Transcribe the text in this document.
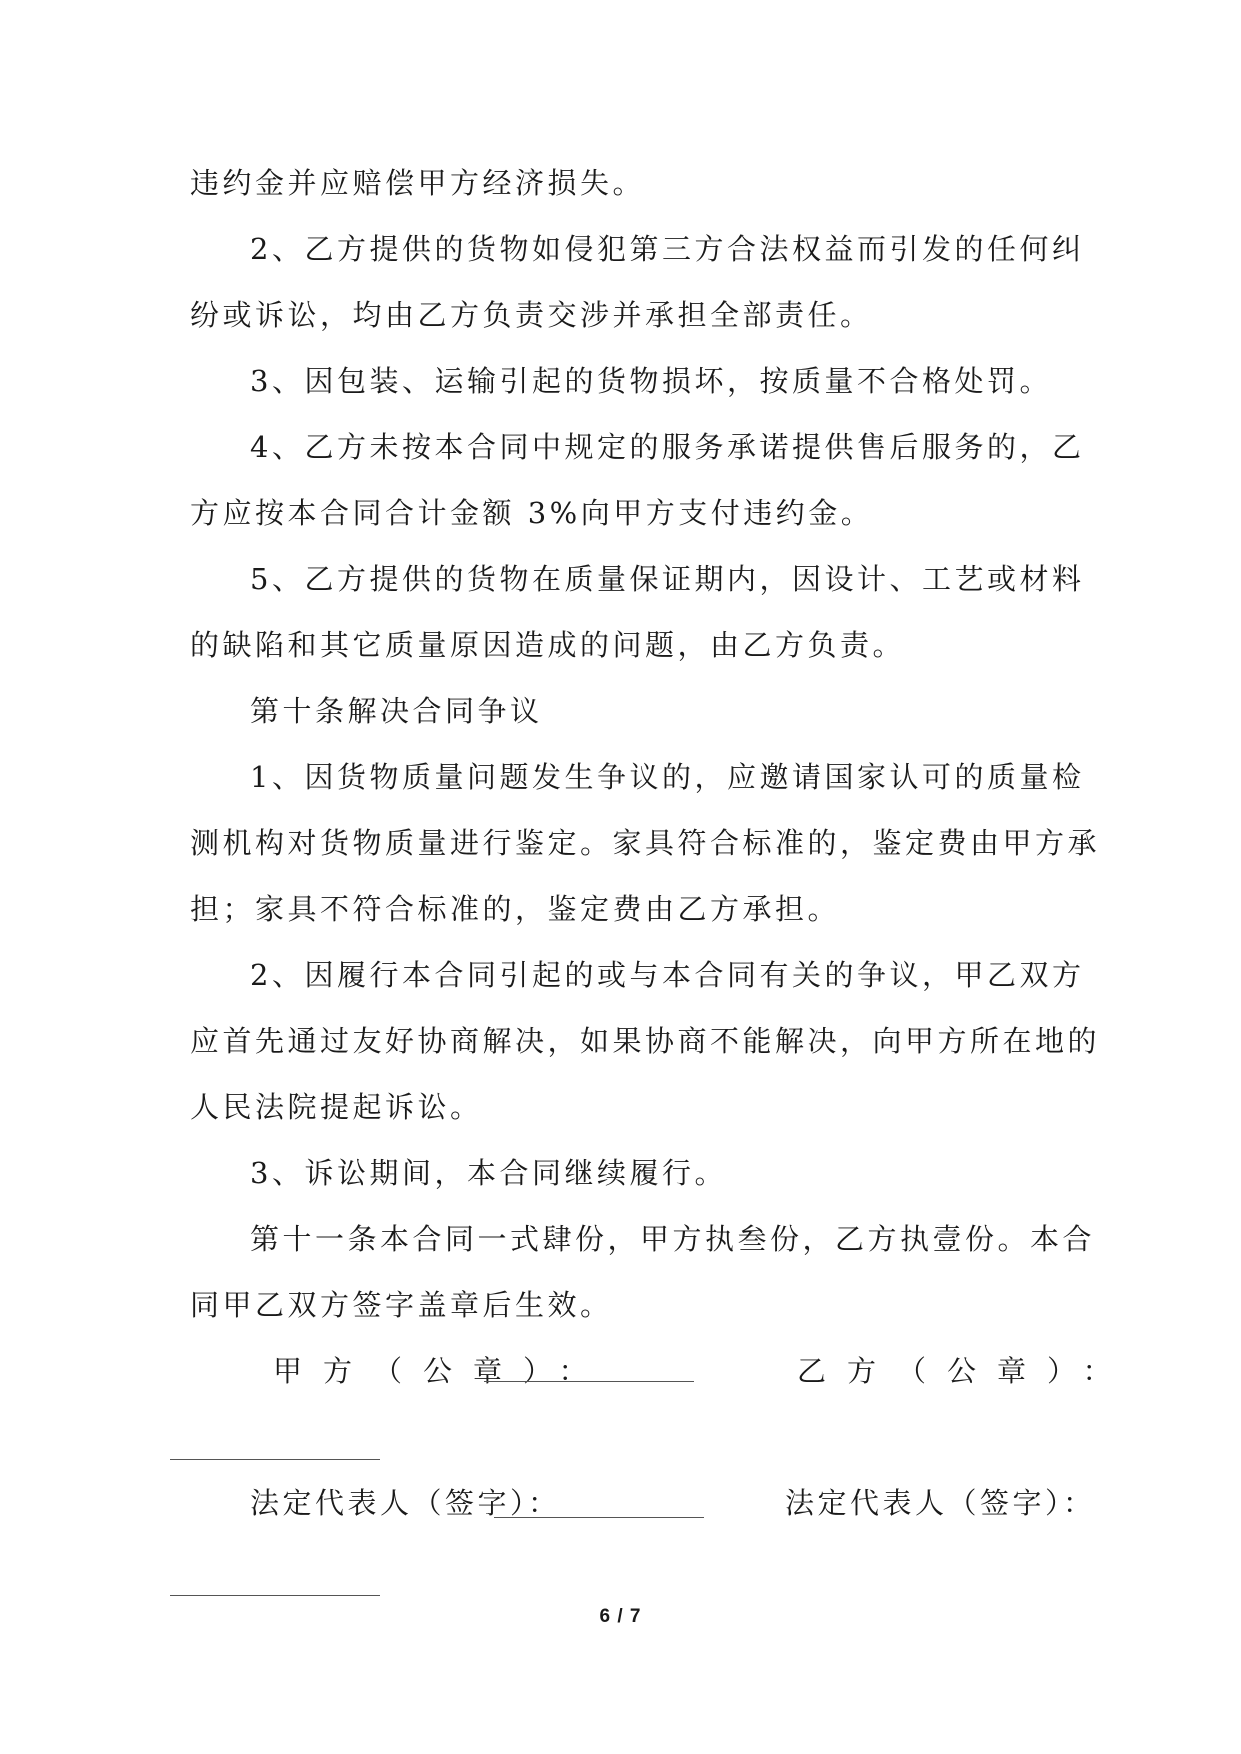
违约金并应赔偿甲方经济损失。
2、乙方提供的货物如侵犯第三方合法权益而引发的任何纠
纷或诉讼，均由乙方负责交涉并承担全部责任。
3、因包装、运输引起的货物损坏，按质量不合格处罚。
4、乙方未按本合同中规定的服务承诺提供售后服务的，乙
方应按本合同合计金额 3%向甲方支付违约金。
5、乙方提供的货物在质量保证期内，因设计、工艺或材料
的缺陷和其它质量原因造成的问题，由乙方负责。
第十条解决合同争议
1、因货物质量问题发生争议的，应邀请国家认可的质量检
测机构对货物质量进行鉴定。家具符合标准的，鉴定费由甲方承
担；家具不符合标准的，鉴定费由乙方承担。
2、因履行本合同引起的或与本合同有关的争议，甲乙双方
应首先通过友好协商解决，如果协商不能解决，向甲方所在地的
人民法院提起诉讼。
3、诉讼期间，本合同继续履行。
第十一条本合同一式肆份，甲方执叁份，乙方执壹份。本合
同甲乙双方签字盖章后生效。
甲方（公章）：	乙方（公章）：
法定代表人（签字）：	法定代表人（签字）：
6 / 7
